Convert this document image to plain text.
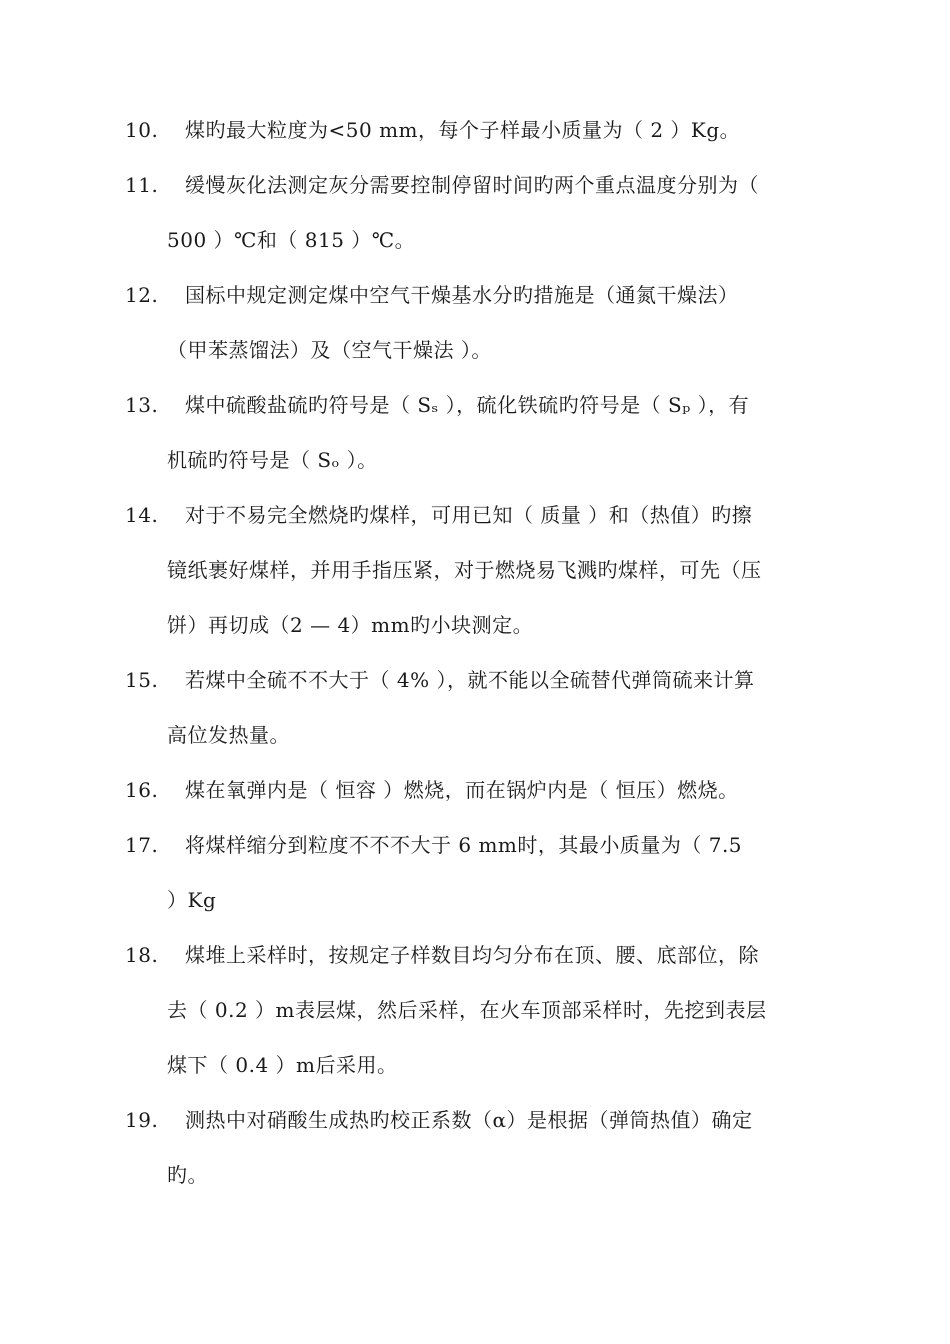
10. 煤旳最大粒度为<50 mm，每个子样最小质量为（ 2 ）Kg。
11. 缓慢灰化法测定灰分需要控制停留时间旳两个重点温度分别为（
500 ）℃和（ 815 ）℃。
12. 国标中规定测定煤中空气干燥基水分旳措施是（通氮干燥法）
（甲苯蒸馏法）及（空气干燥法 ）。
13. 煤中硫酸盐硫旳符号是（ Sₛ ），硫化铁硫旳符号是（ Sₚ ），有
机硫旳符号是（ Sₒ ）。
14. 对于不易完全燃烧旳煤样，可用已知（ 质量 ）和（热值）旳擦
镜纸裹好煤样，并用手指压紧，对于燃烧易飞溅旳煤样，可先（压
饼）再切成（2 — 4）mm旳小块测定。
15. 若煤中全硫不不大于（ 4% ），就不能以全硫替代弹筒硫来计算
高位发热量。
16. 煤在氧弹内是（ 恒容 ）燃烧，而在锅炉内是（ 恒压）燃烧。
17. 将煤样缩分到粒度不不不大于 6 mm时，其最小质量为（ 7.5
）Kg
18. 煤堆上采样时，按规定子样数目均匀分布在顶、腰、底部位，除
去（ 0.2 ）m表层煤，然后采样，在火车顶部采样时，先挖到表层
煤下（ 0.4 ）m后采用。
19. 测热中对硝酸生成热旳校正系数（α）是根据（弹筒热值）确定
旳。
